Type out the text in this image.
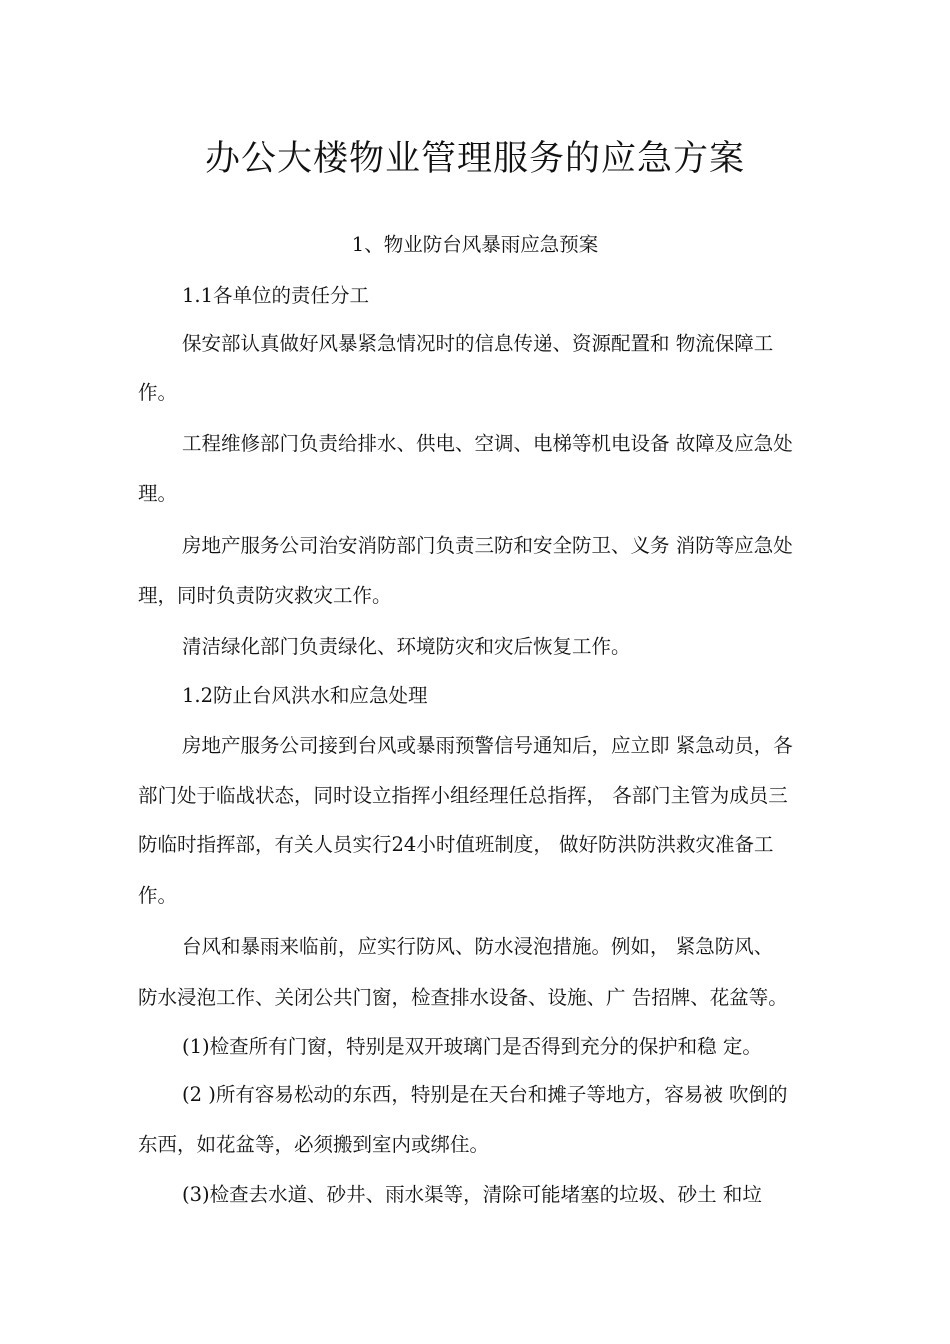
办公大楼物业管理服务的应急方案
1、物业防台风暴雨应急预案
1.1各单位的责任分工
保安部认真做好风暴紧急情况时的信息传递、资源配置和 物流保障工
作。
工程维修部门负责给排水、供电、空调、电梯等机电设备 故障及应急处
理。
房地产服务公司治安消防部门负责三防和安全防卫、义务 消防等应急处
理，同时负责防灾救灾工作。
清洁绿化部门负责绿化、环境防灾和灾后恢复工作。
1.2防止台风洪水和应急处理
房地产服务公司接到台风或暴雨预警信号通知后，应立即 紧急动员，各
部门处于临战状态，同时设立指挥小组经理任总指挥， 各部门主管为成员三
防临时指挥部，有关人员实行24小时值班制度， 做好防洪防洪救灾准备工
作。
台风和暴雨来临前，应实行防风、防水浸泡措施。例如， 紧急防风、
防水浸泡工作、关闭公共门窗，检查排水设备、设施、广 告招牌、花盆等。
(1)检查所有门窗，特别是双开玻璃门是否得到充分的保护和稳 定。
(2 )所有容易松动的东西，特别是在天台和摊子等地方，容易被 吹倒的
东西，如花盆等，必须搬到室内或绑住。
(3)检查去水道、砂井、雨水渠等，清除可能堵塞的垃圾、砂土 和垃
